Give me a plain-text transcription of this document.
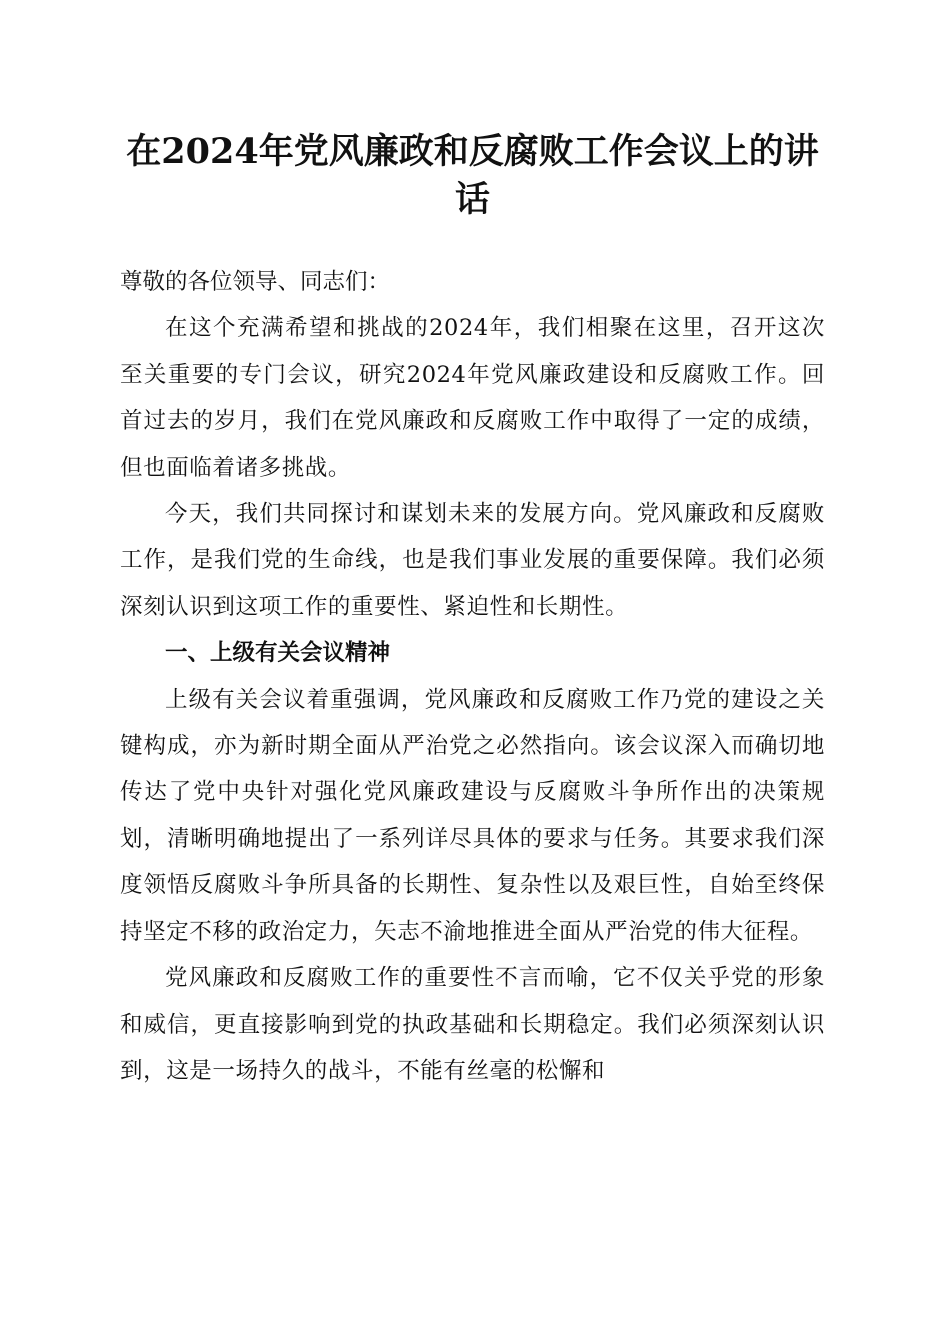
在2024年党风廉政和反腐败工作会议上的讲话

尊敬的各位领导、同志们：

在这个充满希望和挑战的2024年，我们相聚在这里，召开这次至关重要的专门会议，研究2024年党风廉政建设和反腐败工作。回首过去的岁月，我们在党风廉政和反腐败工作中取得了一定的成绩，但也面临着诸多挑战。

今天，我们共同探讨和谋划未来的发展方向。党风廉政和反腐败工作，是我们党的生命线，也是我们事业发展的重要保障。我们必须深刻认识到这项工作的重要性、紧迫性和长期性。

一、上级有关会议精神

上级有关会议着重强调，党风廉政和反腐败工作乃党的建设之关键构成，亦为新时期全面从严治党之必然指向。该会议深入而确切地传达了党中央针对强化党风廉政建设与反腐败斗争所作出的决策规划，清晰明确地提出了一系列详尽具体的要求与任务。其要求我们深度领悟反腐败斗争所具备的长期性、复杂性以及艰巨性，自始至终保持坚定不移的政治定力，矢志不渝地推进全面从严治党的伟大征程。

党风廉政和反腐败工作的重要性不言而喻，它不仅关乎党的形象和威信，更直接影响到党的执政基础和长期稳定。我们必须深刻认识到，这是一场持久的战斗，不能有丝毫的松懈和
